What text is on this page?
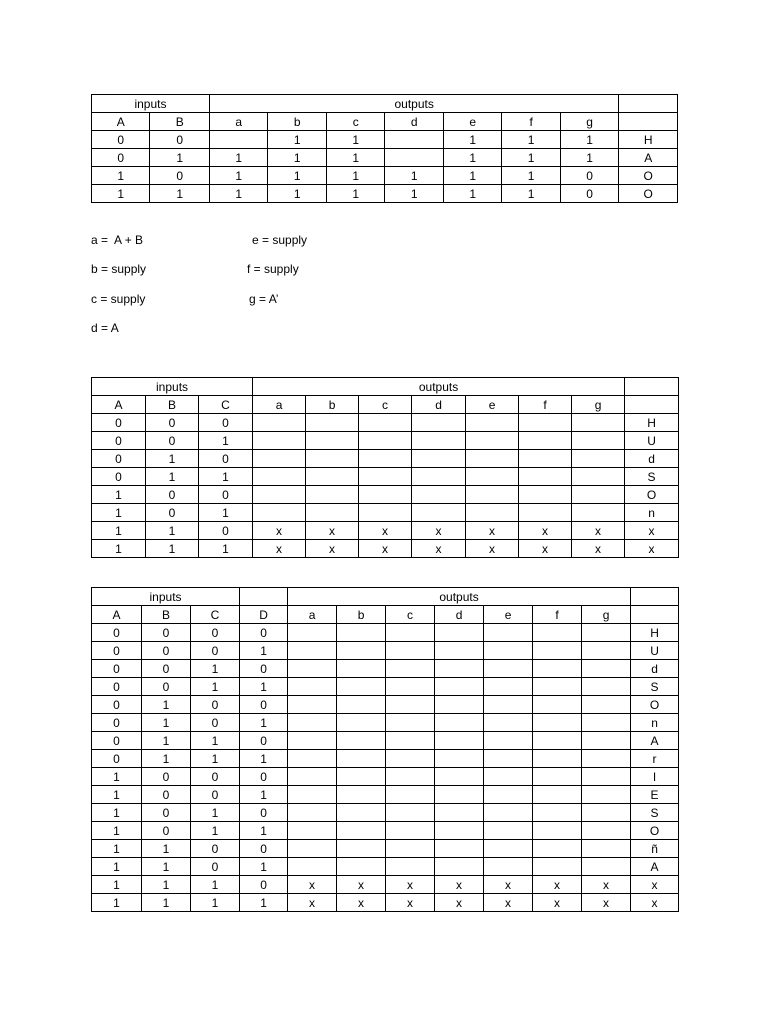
inputs		outputs							
A	B	a	b	c	d	e	f	g	
0	0		1	1		1	1	1	H
0	1	1	1	1		1	1	1	A
1	0	1	1	1	1	1	1	0	O
1	1	1	1	1	1	1	1	0	O
a =  A + B
b = supply
c = supply
d = A
e = supply
f = supply
g = A’
inputs			outputs							
A	B	C	a	b	c	d	e	f	g	
0	0	0								H
0	0	1								U
0	1	0								d
0	1	1								S
1	0	0								O
1	0	1								n
1	1	0	x	x	x	x	x	x	x	x
1	1	1	x	x	x	x	x	x	x	x
inputs				outputs							
A	B	C	D	a	b	c	d	e	f	g	
0	0	0	0								H
0	0	0	1								U
0	0	1	0								d
0	0	1	1								S
0	1	0	0								O
0	1	0	1								n
0	1	1	0								A
0	1	1	1								r
1	0	0	0								I
1	0	0	1								E
1	0	1	0								S
1	0	1	1								O
1	1	0	0								ñ
1	1	0	1								A
1	1	1	0	x	x	x	x	x	x	x	x
1	1	1	1	x	x	x	x	x	x	x	x
